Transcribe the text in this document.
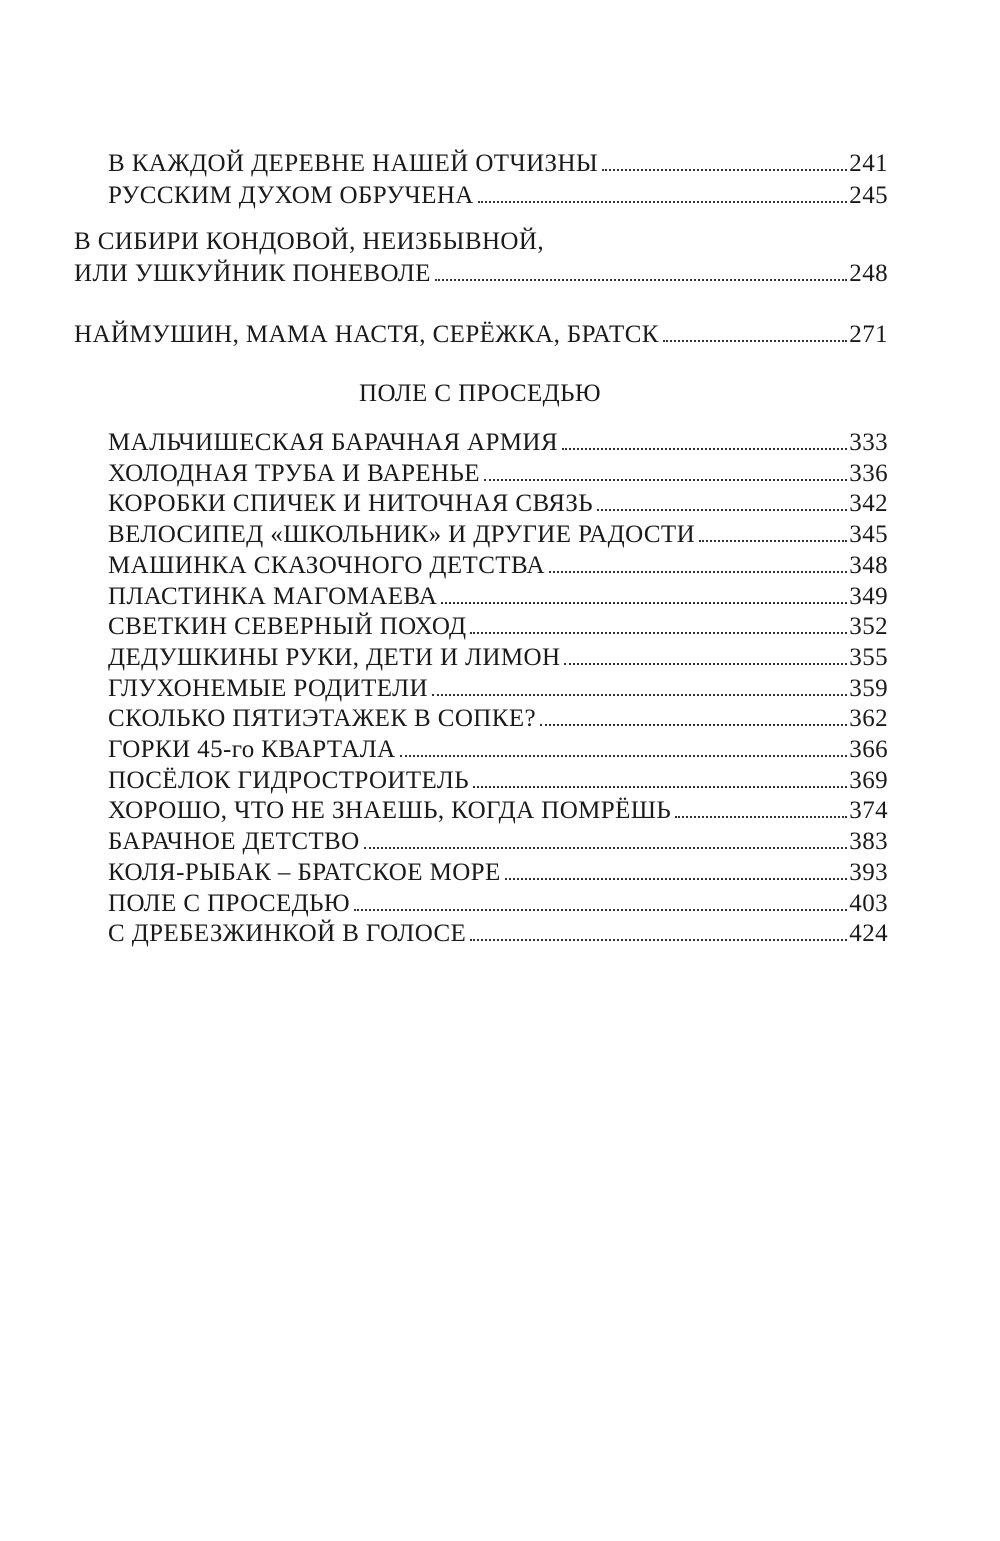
В КАЖДОЙ ДЕРЕВНЕ НАШЕЙ ОТЧИЗНЫ	241
РУССКИМ ДУХОМ ОБРУЧЕНА	245
В СИБИРИ КОНДОВОЙ, НЕИЗБЫВНОЙ,
ИЛИ УШКУЙНИК ПОНЕВОЛЕ	248
НАЙМУШИН, МАМА НАСТЯ, СЕРЁЖКА, БРАТСК	271
ПОЛЕ С ПРОСЕДЬЮ
МАЛЬЧИШЕСКАЯ БАРАЧНАЯ АРМИЯ	333
ХОЛОДНАЯ ТРУБА И ВАРЕНЬЕ	336
КОРОБКИ СПИЧЕК И НИТОЧНАЯ СВЯЗЬ	342
ВЕЛОСИПЕД «ШКОЛЬНИК» И ДРУГИЕ РАДОСТИ	345
МАШИНКА СКАЗОЧНОГО ДЕТСТВА	348
ПЛАСТИНКА МАГОМАЕВА	349
СВЕТКИН СЕВЕРНЫЙ ПОХОД	352
ДЕДУШКИНЫ РУКИ, ДЕТИ И ЛИМОН	355
ГЛУХОНЕМЫЕ РОДИТЕЛИ	359
СКОЛЬКО ПЯТИЭТАЖЕК В СОПКЕ?	362
ГОРКИ 45-го КВАРТАЛА	366
ПОСЁЛОК ГИДРОСТРОИТЕЛЬ	369
ХОРОШО, ЧТО НЕ ЗНАЕШЬ, КОГДА ПОМРЁШЬ	374
БАРАЧНОЕ ДЕТСТВО	383
КОЛЯ-РЫБАК – БРАТСКОЕ МОРЕ	393
ПОЛЕ С ПРОСЕДЬЮ	403
С ДРЕБЕЗЖИНКОЙ В ГОЛОСЕ	424
